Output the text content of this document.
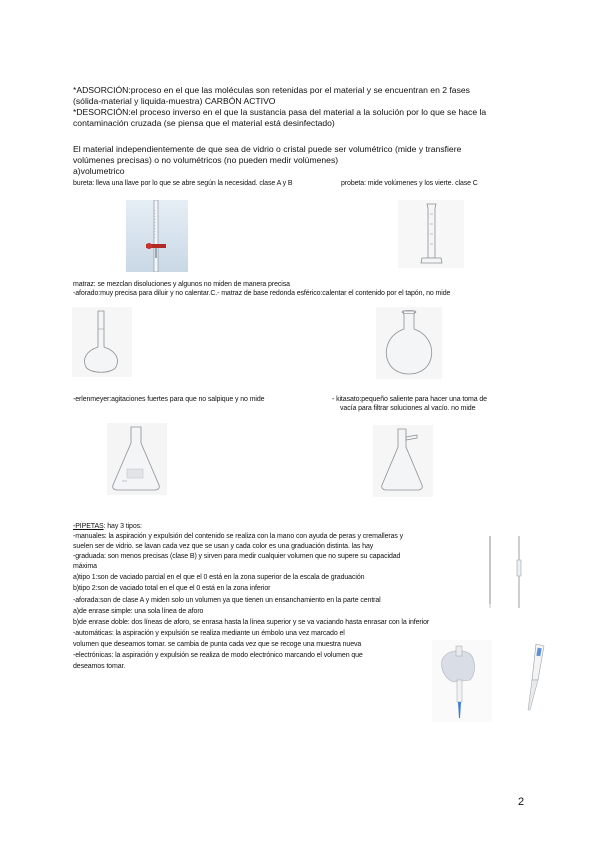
*ADSORCIÓN:proceso en el que las moléculas son retenidas por el material y se encuentran en 2 fases
(sólida-material y liquida-muestra) CARBÓN ACTIVO
*DESORCIÓN:el proceso inverso en el que la sustancia pasa del material a la solución por lo que se hace la
contaminación cruzada (se piensa que el material está desinfectado)
El material independientemente de que sea de vidrio o cristal puede ser volumétrico (mide y transfiere
volúmenes precisas) o no volumétricos (no pueden medir volúmenes)
a)volumetrico
bureta: lleva una llave por lo que se abre según la necesidad. clase A y B	probeta: mide volúmenes y los vierte. clase C
matraz: se mezclan disoluciones y algunos no miden de manera precisa
-aforado:muy precisa para diluir y no calentar.C.- matraz de base redonda esférico:calentar el contenido por el tapón, no mide
-erlenmeyer:agitaciones fuertes para que no salpique y no mide	- kitasato:pequeño saliente para hacer una toma de
vacía para filtrar soluciones al vacío. no mide
-PIPETAS: hay 3 tipos:
-manuales: la aspiración y expulsión del contenido se realiza con la mano con ayuda de peras y cremalleras y
suelen ser de vidrio. se lavan cada vez que se usan y cada color es una graduación distinta. las hay
-graduada: son menos precisas (clase B) y sirven para medir cualquier volumen que no supere su capacidad
máxima
a)tipo 1:son de vaciado parcial en el que el 0 está en la zona superior de la escala de graduación
b)tipo 2:son de vaciado total en el que el 0 está en la zona inferior
-aforada:son de clase A y miden solo un volumen ya que tienen un ensanchamiento en la parte central
a)de enrase simple: una sola línea de aforo
b)de enrase doble: dos líneas de aforo, se enrasa hasta la línea superior y se va vaciando hasta enrasar con la inferior
-automáticas: la aspiración y expulsión se realiza mediante un émbolo una vez marcado el
volumen que deseamos tomar. se cambia de punta cada vez que se recoge una muestra nueva
-electrónicas: la aspiración y expulsión se realiza de modo electrónico marcando el volumen que
deseamos tomar.
2
